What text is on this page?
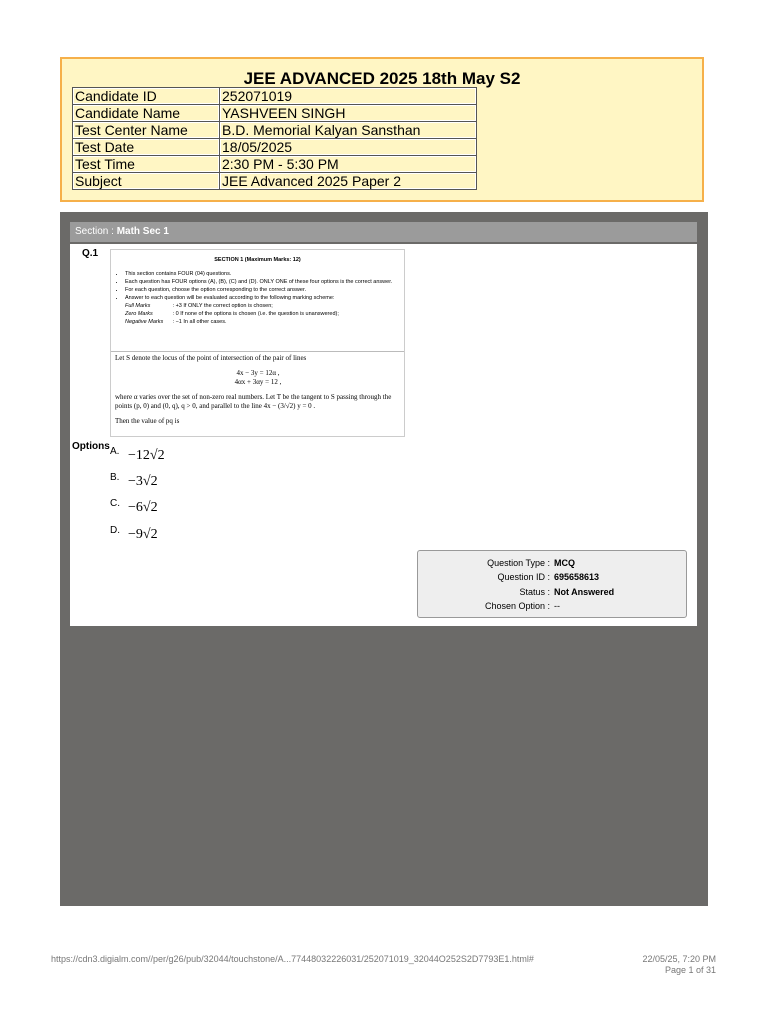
JEE ADVANCED 2025 18th May S2
Candidate ID	252071019
Candidate Name	YASHVEEN SINGH
Test Center Name	B.D. Memorial Kalyan Sansthan
Test Date	18/05/2025
Test Time	2:30 PM - 5:30 PM
Subject	JEE Advanced 2025 Paper 2
Section : Math Sec 1
Q.1
SECTION 1 (Maximum Marks: 12)
• This section contains FOUR (04) questions.
• Each question has FOUR options (A), (B), (C) and (D). ONLY ONE of these four options is the correct answer.
• For each question, choose the option corresponding to the correct answer.
• Answer to each question will be evaluated according to the following marking scheme:
Full Marks	: +3 If ONLY the correct option is chosen;
Zero Marks	: 0 If none of the options is chosen (i.e. the question is unanswered);
Negative Marks : −1 In all other cases.
Let S denote the locus of the point of intersection of the pair of lines
4x − 3y = 12α ,
4αx + 3αy = 12 ,
where α varies over the set of non-zero real numbers. Let T be the tangent to S passing through the points (p, 0) and (0, q), q > 0, and parallel to the line 4x − (3/√2) y = 0 .
Then the value of pq is
Options A. −12√2
B. −3√2
C. −6√2
D. −9√2
Question Type : MCQ
Question ID : 695658613
Status : Not Answered
Chosen Option : --
https://cdn3.digialm.com//per/g26/pub/32044/touchstone/A...77448032226031/252071019_32044O252S2D7793E1.html#	22/05/25, 7:20 PM
Page 1 of 31
